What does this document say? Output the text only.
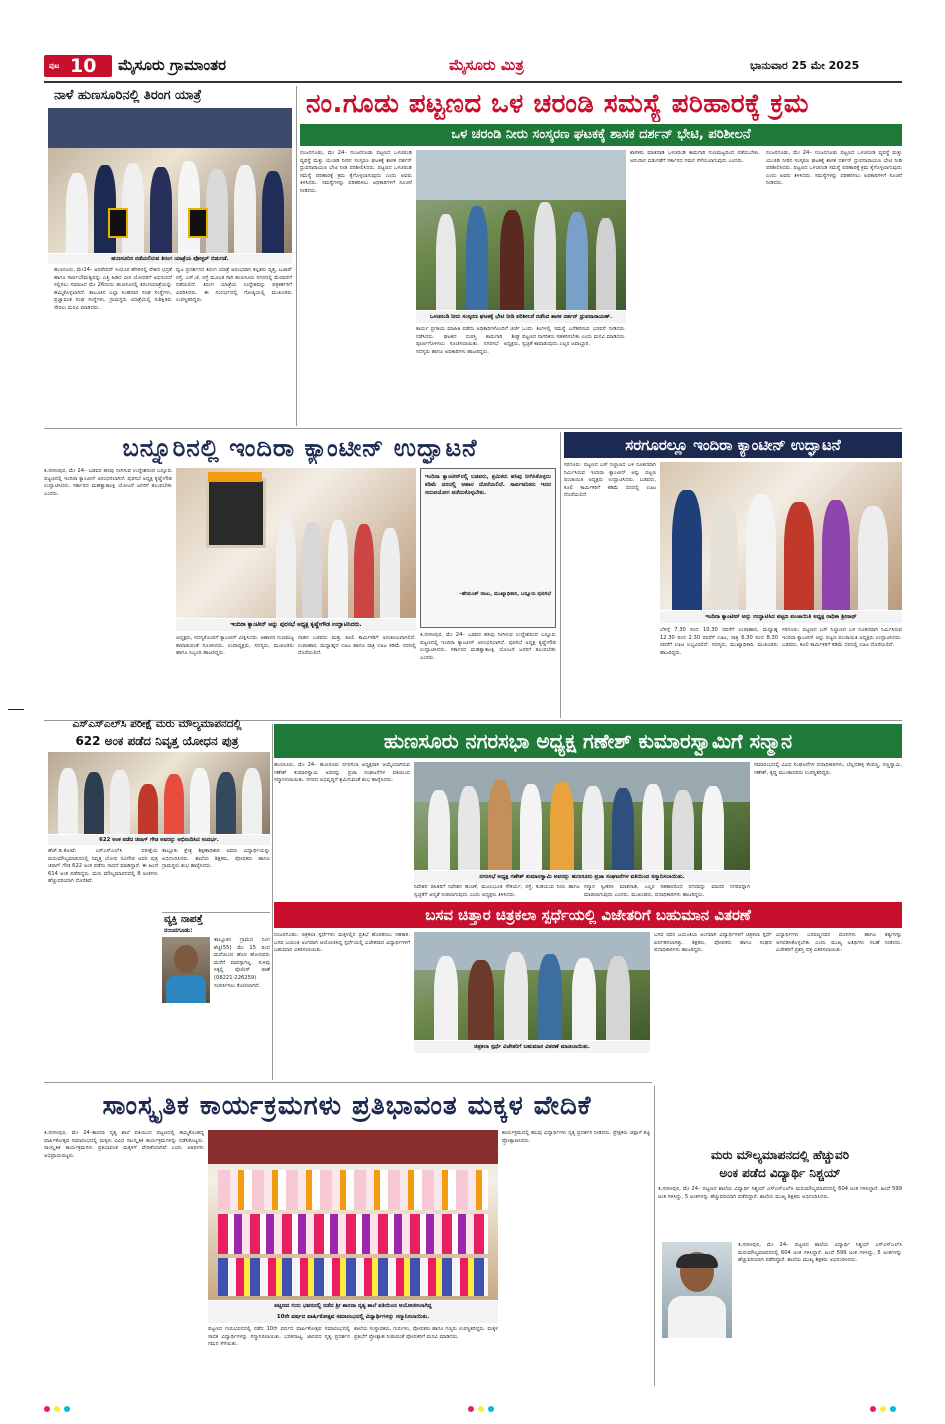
ಪುಟ 10 ಮೈಸೂರು ಗ್ರಾಮಾಂತರ	ಮೈಸೂರು ಮಿತ್ರ	ಭಾನುವಾರ 25 ಮೇ 2025
ನಾಳೆ ಹುಣಸೂರಿನಲ್ಲಿ ತಿರಂಗ ಯಾತ್ರೆ
ಹುಣಸೂರಿನ ನಡೆಯಲಿರುವ ತಿರಂಗ ಯಾತ್ರೆಯ ಪೋಸ್ಟರ್ ಬಿಡುಗಡೆ.
ಹುಣಸೂರು, ಮೇ24– ಆಪರೇಷನ್ ಸಿಂಧೂರ ಹೆಸರಿನಲ್ಲಿ ದೇಶದ ಭದ್ರತೆ ಹಾಗೂ ಸಾರ್ವಭೌಮತ್ವವನ್ನು ಎತ್ತಿ ಹಿಡಿದ ವೀರ ಯೋಧರಿಗೆ ಅಭಿನಂದನೆ ಸಲ್ಲಿಸಲು ಸಮಾಜದ ಮೇ 26ರಂದು ಹುಣಸೂರಲ್ಲಿ ತಿರಂಗಯಾತ್ರೆಯನ್ನು ಹಮ್ಮಿಕೊಳ್ಳಲಾಗಿದೆ. ತಾಲೂಕಿನ ಎಲ್ಲಾ ಸಿಂಹನಾದ ಸಂಘ ಸಂಸ್ಥೆಗಳು, ಪ್ರಜ್ಞಾವಂತ ಸಂಘ ಸಂಸ್ಥೆಗಳು, ಗ್ರಾಮಸ್ಥರು ಯಾತ್ರೆಯಲ್ಲಿ ಸುಶಿಕ್ಷಿತರು ಸೇರಲು ಮನವಿ ಮಾಡಿದರು.
ಧ್ವಜ ಪ್ರದರ್ಶನದ ತಿರಂಗ ಯಾತ್ರೆ ಆರಂಭವಾಗಿ ಕಲ್ಪತರು ವೃತ್ತ, ಬಜಾರ್ ರಸ್ತೆ, ಎಸ್.ಜೆ. ರಸ್ತೆ ಮೂಲಕ ಸಾಗಿ ಹುಣಸೂರು ನಗರದಲ್ಲಿ ಮೆರವಣಿಗೆ ನಡೆಯಲಿದೆ. ತಿರಂಗ ಯಾತ್ರೆಯ ಉದ್ದೇಶವನ್ನು ಪತ್ರಕರ್ತರಿಗೆ ವಿವರಿಸಿದರು. ಈ ಸಂದರ್ಭದಲ್ಲಿ ಗೋಷ್ಠಿಯಲ್ಲಿ ಮುಖಂಡರು ಉಪಸ್ಥಿತರಿದ್ದರು.
ನಂ.ಗೂಡು ಪಟ್ಟಣದ ಒಳ ಚರಂಡಿ ಸಮಸ್ಯೆ ಪರಿಹಾರಕ್ಕೆ ಕ್ರಮ
ಒಳ ಚರಂಡಿ ನೀರು ಸಂಸ್ಕರಣ ಘಟಕಕ್ಕೆ ಶಾಸಕ ದರ್ಶನ್ ಭೇಟಿ, ಪರಿಶೀಲನೆ
ನಂಜನಗೂಡು, ಮೇ 24– ನಂಜನಗೂಡು ಪಟ್ಟಣದ ಒಳಚರಂಡಿ ವ್ಯವಸ್ಥೆ ಮತ್ತು ಯುಜಿಡಿ ನೀರಿನ ಸಂಸ್ಕರಣ ಘಟಕಕ್ಕೆ ಶಾಸಕ ದರ್ಶನ್ ಧ್ರುವನಾರಾಯಣ ಭೇಟಿ ನೀಡಿ ಪರಿಶೀಲಿಸಿದರು. ಪಟ್ಟಣದ ಒಳಚರಂಡಿ ಸಮಸ್ಯೆ ಪರಿಹಾರಕ್ಕೆ ಕ್ರಮ ಕೈಗೊಳ್ಳಲಾಗುವುದು ಎಂದು ಅವರು ತಿಳಿಸಿದರು. ಸಮಸ್ಯೆಗಳನ್ನು ಪರಿಹರಿಸಲು ಅಧಿಕಾರಿಗಳಿಗೆ ಸೂಚನೆ ನೀಡಿದರು.
ಒಳಚರಂಡಿ ನೀರು ಸಂಸ್ಕರಣ ಘಟಕಕ್ಕೆ ಭೇಟಿ ನೀಡಿ ಪರಿಶೀಲನೆ ನಡೆಸಿದ ಶಾಸಕ ದರ್ಶನ್ ಧ್ರುವನಾರಾಯಣ್.
ಕಾರ್ಯ ಪ್ರಗತಿಯ ಮಾಹಿತಿ ಪಡೆದು ಅಧಿಕಾರಿಗಳೊಂದಿಗೆ ಚರ್ಚೆ ನಡೆಸಿದರು. ಘಟಕದ ದುರಸ್ತಿ ಕಾಮಗಾರಿ ಶೀಘ್ರ ಪೂರ್ಣಗೊಳಿಸಲು ಸೂಚಿಸಲಾಯಿತು. ನಗರಸಭೆ ಅಧ್ಯಕ್ಷರು, ಸದಸ್ಯರು ಹಾಗೂ ಅಧಿಕಾರಿಗಳು ಹಾಜರಿದ್ದರು.
ಒಂದು ತಿಂಗಳಲ್ಲಿ ಸಮಸ್ಯೆ ಬಗೆಹರಿಸುವ ಭರವಸೆ ನೀಡಿದರು. ಪಟ್ಟಣದ ನಾಗರಿಕರು ಸಹಕರಿಸಬೇಕು ಎಂದು ಮನವಿ ಮಾಡಿದರು. ಸ್ವಚ್ಛತೆ ಕಾಪಾಡುವುದು ಎಲ್ಲರ ಜವಾಬ್ದಾರಿ.
ಶಾಸಕರು ಮಾತನಾಡಿ ಒಳಚರಂಡಿ ಕಾಮಗಾರಿ ಗುಣಮಟ್ಟದಿಂದ ನಡೆಯಬೇಕು. ಅನುದಾನ ಬಿಡುಗಡೆಗೆ ಸರ್ಕಾರದ ಗಮನ ಸೆಳೆಯಲಾಗುವುದು ಎಂದರು.
ನಂಜನಗೂಡು, ಮೇ 24– ನಂಜನಗೂಡು ಪಟ್ಟಣದ ಒಳಚರಂಡಿ ವ್ಯವಸ್ಥೆ ಮತ್ತು ಯುಜಿಡಿ ನೀರಿನ ಸಂಸ್ಕರಣ ಘಟಕಕ್ಕೆ ಶಾಸಕ ದರ್ಶನ್ ಧ್ರುವನಾರಾಯಣ ಭೇಟಿ ನೀಡಿ ಪರಿಶೀಲಿಸಿದರು. ಪಟ್ಟಣದ ಒಳಚರಂಡಿ ಸಮಸ್ಯೆ ಪರಿಹಾರಕ್ಕೆ ಕ್ರಮ ಕೈಗೊಳ್ಳಲಾಗುವುದು ಎಂದು ಅವರು ತಿಳಿಸಿದರು. ಸಮಸ್ಯೆಗಳನ್ನು ಪರಿಹರಿಸಲು ಅಧಿಕಾರಿಗಳಿಗೆ ಸೂಚನೆ ನೀಡಿದರು.
ಬನ್ನೂರಿನಲ್ಲಿ ಇಂದಿರಾ ಕ್ಯಾಂಟೀನ್ ಉದ್ಘಾಟನೆ
ತಿ.ನರಸೀಪುರ, ಮೇ 24– ಬಡವರ ಹಸಿವು ನೀಗಿಸುವ ಉದ್ದೇಶದಿಂದ ಬನ್ನೂರು ಪಟ್ಟಣದಲ್ಲಿ ಇಂದಿರಾ ಕ್ಯಾಂಟೀನ್ ಆರಂಭಿಸಲಾಗಿದೆ. ಪುರಸಭೆ ಅಧ್ಯಕ್ಷ ಕೃಷ್ಣೇಗೌಡ ಉದ್ಘಾಟಿಸಿದರು. ಸರ್ಕಾರದ ಮಹತ್ವಾಕಾಂಕ್ಷಿ ಯೋಜನೆ ಜನರಿಗೆ ತಲುಪಬೇಕು ಎಂದರು.
ಇಂದಿರಾ ಕ್ಯಾಂಟೀನ್ ಅನ್ನು ಪುರಸಭೆ ಅಧ್ಯಕ್ಷ ಕೃಷ್ಣೇಗೌಡ ಉದ್ಘಾಟಿಸಿದರು.
ಇಂದಿರಾ ಕ್ಯಾಂಟೀನ್‌ನಲ್ಲಿ ಬಡವರು, ಶ್ರಮಿಕರು ಹಸಿವು ನೀಗಿಸಿಕೊಳ್ಳಲು ಕಡಿಮೆ ದರದಲ್ಲಿ ಆಹಾರ ದೊರೆಯಲಿದೆ. ಸಾರ್ವಜನಿಕರು ಇದರ ಸದುಪಯೋಗ ಪಡೆದುಕೊಳ್ಳಬೇಕು.
–ಹೇಮಂತ್ ರಾಜು, ಮುಖ್ಯಾಧಿಕಾರಿ, ಬನ್ನೂರು ಪುರಸಭೆ
ಅಧ್ಯಕ್ಷರು, ಸದಸ್ಯರೊಂದಿಗೆ ಕ್ಯಾಂಟೀನ್ ವೀಕ್ಷಿಸಿದರು. ಆಹಾರದ ಗುಣಮಟ್ಟ ಕಾಪಾಡುವಂತೆ ಸೂಚಿಸಿದರು. ಉಪಾಧ್ಯಕ್ಷರು, ಸದಸ್ಯರು, ಮುಖಂಡರು ಹಾಗೂ ಸಿಬ್ಬಂದಿ ಹಾಜರಿದ್ದರು.
ನಾಡಿನ ಬಡವರು ಮತ್ತು ಕೂಲಿ ಕಾರ್ಮಿಕರಿಗೆ ಅನುಕೂಲವಾಗಲಿದೆ. ಉಪಾಹಾರ, ಮಧ್ಯಾಹ್ನದ ಊಟ ಹಾಗೂ ರಾತ್ರಿ ಊಟ ಕಡಿಮೆ ದರದಲ್ಲಿ ದೊರೆಯಲಿದೆ.
ತಿ.ನರಸೀಪುರ, ಮೇ 24– ಬಡವರ ಹಸಿವು ನೀಗಿಸುವ ಉದ್ದೇಶದಿಂದ ಬನ್ನೂರು ಪಟ್ಟಣದಲ್ಲಿ ಇಂದಿರಾ ಕ್ಯಾಂಟೀನ್ ಆರಂಭಿಸಲಾಗಿದೆ. ಪುರಸಭೆ ಅಧ್ಯಕ್ಷ ಕೃಷ್ಣೇಗೌಡ ಉದ್ಘಾಟಿಸಿದರು. ಸರ್ಕಾರದ ಮಹತ್ವಾಕಾಂಕ್ಷಿ ಯೋಜನೆ ಜನರಿಗೆ ತಲುಪಬೇಕು ಎಂದರು.
ಸರಗೂರಲ್ಲೂ ಇಂದಿರಾ ಕ್ಯಾಂಟೀನ್ ಉದ್ಘಾಟನೆ
ಸರಗೂರು: ಪಟ್ಟಣದ ಬಸ್ ನಿಲ್ದಾಣದ ಬಳಿ ನೂತನವಾಗಿ ನಿರ್ಮಿಸಿರುವ ಇಂದಿರಾ ಕ್ಯಾಂಟೀನ್ ಅನ್ನು ಪಟ್ಟಣ ಪಂಚಾಯಿತಿ ಅಧ್ಯಕ್ಷರು ಉದ್ಘಾಟಿಸಿದರು. ಬಡವರು, ಕೂಲಿ ಕಾರ್ಮಿಕರಿಗೆ ಕಡಿಮೆ ದರದಲ್ಲಿ ಊಟ ದೊರೆಯಲಿದೆ.
ಇಂದಿರಾ ಕ್ಯಾಂಟೀನ್ ಅನ್ನು ಉದ್ಘಾಟಿಸಿದ ಪಟ್ಟಣ ಪಂಚಾಯಿತಿ ಅಧ್ಯಕ್ಷ ರಾಧಿಕಾ ಶ್ರೀನಾಥ್
ಬೆಳಿಗ್ಗೆ 7.30 ರಿಂದ 10.30 ರವರೆಗೆ ಉಪಾಹಾರ, ಮಧ್ಯಾಹ್ನ 12.30 ರಿಂದ 2.30 ರವರೆಗೆ ಊಟ, ರಾತ್ರಿ 6.30 ರಿಂದ 8.30 ರವರೆಗೆ ಊಟ ಲಭ್ಯವಿರಲಿದೆ. ಸದಸ್ಯರು, ಮುಖ್ಯಾಧಿಕಾರಿ, ಮುಖಂಡರು ಹಾಜರಿದ್ದರು.
ಸರಗೂರು: ಪಟ್ಟಣದ ಬಸ್ ನಿಲ್ದಾಣದ ಬಳಿ ನೂತನವಾಗಿ ನಿರ್ಮಿಸಿರುವ ಇಂದಿರಾ ಕ್ಯಾಂಟೀನ್ ಅನ್ನು ಪಟ್ಟಣ ಪಂಚಾಯಿತಿ ಅಧ್ಯಕ್ಷರು ಉದ್ಘಾಟಿಸಿದರು. ಬಡವರು, ಕೂಲಿ ಕಾರ್ಮಿಕರಿಗೆ ಕಡಿಮೆ ದರದಲ್ಲಿ ಊಟ ದೊರೆಯಲಿದೆ.
ಎಸ್‌ಎಸ್‌ಎಲ್‌ಸಿ ಪರೀಕ್ಷೆ ಮರು ಮೌಲ್ಯಮಾಪನದಲ್ಲಿ
622 ಅಂಕ ಪಡೆದ ನಿವೃತ್ತ ಯೋಧನ ಪುತ್ರ
622 ಅಂಕ ಪಡೆದ ಚಿರಾಗ್ ಗೌಡ ಅವರನ್ನು ಅಭಿನಂದಿಸಿದ ಸಂದರ್ಭ.
ಹೆಚ್.ಡಿ.ಕೋಟೆ: ಎಸ್‌ಎಸ್‌ಎಲ್‌ಸಿ ಪರೀಕ್ಷೆಯ ಮರುಮೌಲ್ಯಮಾಪನದಲ್ಲಿ ನಿವೃತ್ತ ಯೋಧ ರವಿಗೌಡ ಅವರ ಪುತ್ರ ಚಿರಾಗ್ ಗೌಡ 622 ಅಂಕ ಪಡೆದು ಸಾಧನೆ ಮಾಡಿದ್ದಾರೆ. ಈ ಹಿಂದೆ 614 ಅಂಕ ಪಡೆದಿದ್ದರು. ಮರು ಮೌಲ್ಯಮಾಪನದಲ್ಲಿ 8 ಅಂಕಗಳು ಹೆಚ್ಚುವರಿಯಾಗಿ ದೊರೆತಿವೆ.
ತಾಲ್ಲೂಕು ಕ್ಷೇತ್ರ ಶಿಕ್ಷಣಾಧಿಕಾರಿ ಅವರು ವಿದ್ಯಾರ್ಥಿಯನ್ನು ಅಭಿನಂದಿಸಿದರು. ಶಾಲೆಯ ಶಿಕ್ಷಕರು, ಪೋಷಕರು ಹಾಗೂ ಗ್ರಾಮಸ್ಥರು ಶುಭ ಹಾರೈಸಿದರು.
ವ್ಯಕ್ತಿ ನಾಪತ್ತೆ
ನಂಜನಗೂಡು:
ತಾಲ್ಲೂಕಿನ ಗ್ರಾಮದ ನಿಂಗ ಶೆಟ್ಟಿ(55) ಮೇ 15 ರಿಂದ ಮನೆಯಿಂದ ಹೊರ ಹೋದವರು ಮನೆಗೆ ವಾಪಸ್ಸಾಗಿಲ್ಲ. ಸುಳಿವು ಸಿಕ್ಕಲ್ಲಿ ಪೊಲೀಸ್ ಠಾಣೆ (08221-226259) ಸಂಪರ್ಕಿಸಲು ಕೋರಲಾಗಿದೆ.
ಹುಣಸೂರು ನಗರಸಭಾ ಅಧ್ಯಕ್ಷ ಗಣೇಶ್ ಕುಮಾರಸ್ವಾಮಿಗೆ ಸನ್ಮಾನ
ಹುಣಸೂರು, ಮೇ 24– ಹುಣಸೂರು ನಗರಸಭಾ ಅಧ್ಯಕ್ಷರಾಗಿ ಆಯ್ಕೆಯಾಗಿರುವ ಗಣೇಶ್ ಕುಮಾರಸ್ವಾಮಿ ಅವರನ್ನು ಪ್ರಜಾ ಸಂಘಟನೆಗಳ ವತಿಯಿಂದ ಸನ್ಮಾನಿಸಲಾಯಿತು. ನಗರದ ಅಭಿವೃದ್ಧಿಗೆ ಶ್ರಮಿಸುವಂತೆ ಶುಭ ಹಾರೈಸಿದರು.
ನಗರಸಭೆ ಅಧ್ಯಕ್ಷ ಗಣೇಶ್ ಕುಮಾರಸ್ವಾಮಿ ಅವರನ್ನು ಹುಣಸೂರು ಪ್ರಜಾ ಸಂಘಟನೆಗಳ ವತಿಯಿಂದ ಸನ್ಮಾನಿಸಲಾಯಿತು.
ನಿವೇಶನ ರಹಿತರಿಗೆ ನಿವೇಶನ ಹಂಚಿಕೆ, ಮೂಲಭೂತ ಸೌಕರ್ಯ, ರಸ್ತೆ, ಕುಡಿಯುವ ನೀರು ಹಾಗೂ ಸ್ವಚ್ಛತೆಗೆ ಆದ್ಯತೆ ನೀಡಲಾಗುವುದು ಎಂದು ಅಧ್ಯಕ್ಷರು ತಿಳಿಸಿದರು.
ಸನ್ಮಾನ ಸ್ವೀಕರಿಸಿ ಮಾತನಾಡಿ, ಎಲ್ಲರ ಸಹಕಾರದಿಂದ ನಗರವನ್ನು ಮಾದರಿ ನಗರವನ್ನಾಗಿ ಮಾಡಲಾಗುವುದು ಎಂದರು. ಮುಖಂಡರು, ಪದಾಧಿಕಾರಿಗಳು ಹಾಜರಿದ್ದರು.
ಸಮಾರಂಭದಲ್ಲಿ ವಿವಿಧ ಸಂಘಟನೆಗಳ ಪದಾಧಿಕಾರಿಗಳು, ಬೆಲ್ಲದಹಳ್ಳಿ ಕೆಂಪಣ್ಣ, ಸಣ್ಣಸ್ವಾಮಿ, ಗಣೇಶ್, ಕೃಷ್ಣ ಮುಂತಾದವರು ಉಪಸ್ಥಿತರಿದ್ದರು.
ಬಸವ ಚಿತ್ತಾರ ಚಿತ್ರಕಲಾ ಸ್ಪರ್ಧೆಯಲ್ಲಿ ವಿಜೇತರಿಗೆ ಬಹುಮಾನ ವಿತರಣೆ
ನಂಜನಗೂಡು: ಚಿತ್ರಕಲಾ ಸ್ಪರ್ಧೆಗಳು ಮಕ್ಕಳಲ್ಲಿನ ಪ್ರತಿಭೆ ಹೊರತರಲು ಸಹಕಾರಿ. ಬಸವ ಜಯಂತಿ ಅಂಗವಾಗಿ ಆಯೋಜಿಸಿದ್ದ ಸ್ಪರ್ಧೆಯಲ್ಲಿ ವಿಜೇತರಾದ ವಿದ್ಯಾರ್ಥಿಗಳಿಗೆ ಬಹುಮಾನ ವಿತರಿಸಲಾಯಿತು.
ಚಿತ್ರಕಲಾ ಸ್ಪರ್ಧೆ ವಿಜೇತರಿಗೆ ಬಹುಮಾನ ವಿತರಣೆ ಮಾಡಲಾಯಿತು.
ಬಸವ ರವರ ಜಯಂತಿಯ ಅಂಗವಾಗಿ ವಿದ್ಯಾರ್ಥಿಗಳಿಗೆ ಚಿತ್ರಕಲಾ ಸ್ಪರ್ಧೆ ಏರ್ಪಡಿಸಲಾಗಿತ್ತು. ಶಿಕ್ಷಕರು, ಪೋಷಕರು ಹಾಗೂ ಸಂಘದ ಪದಾಧಿಕಾರಿಗಳು ಹಾಜರಿದ್ದರು.
ವಿದ್ಯಾರ್ಥಿಗಳು ಬಸವಣ್ಣನವರ ವಚನಗಳು ಹಾಗೂ ತತ್ವಗಳನ್ನು ಅಳವಡಿಸಿಕೊಳ್ಳಬೇಕು ಎಂದು ಮುಖ್ಯ ಅತಿಥಿಗಳು ಸಲಹೆ ನೀಡಿದರು. ವಿಜೇತರಿಗೆ ಪ್ರಶಸ್ತಿ ಪತ್ರ ವಿತರಿಸಲಾಯಿತು.
ಸಾಂಸ್ಕೃತಿಕ ಕಾರ್ಯಕ್ರಮಗಳು ಪ್ರತಿಭಾವಂತ ಮಕ್ಕಳ ವೇದಿಕೆ
ತಿ.ನರಸೀಪುರ, ಮೇ 24–ಶಾರದಾ ನೃತ್ಯ ಶಾಲೆ ವತಿಯಿಂದ ಪಟ್ಟಣದಲ್ಲಿ ಹಮ್ಮಿಕೊಂಡಿದ್ದ ವಾರ್ಷಿಕೋತ್ಸವ ಸಮಾರಂಭದಲ್ಲಿ ಮಕ್ಕಳು ವಿವಿಧ ಸಾಂಸ್ಕೃತಿಕ ಕಾರ್ಯಕ್ರಮಗಳನ್ನು ನಡೆಸಿಕೊಟ್ಟರು. ಸಾಂಸ್ಕೃತಿಕ ಕಾರ್ಯಕ್ರಮಗಳು ಪ್ರತಿಭಾವಂತ ಮಕ್ಕಳಿಗೆ ವೇದಿಕೆಯಾಗಿವೆ ಎಂದು ಅತಿಥಿಗಳು ಅಭಿಪ್ರಾಯಪಟ್ಟರು.
ಪಟ್ಟಣದ ಗುರು ಭವನದಲ್ಲಿ ನಡೆದ ಶ್ರೀ ಶಾರದಾ ನೃತ್ಯ ಶಾಲೆ ವತಿಯಿಂದ ಆಯೋಜಿಸಲಾಗಿದ್ದ
10ನೇ ವರ್ಷದ ವಾರ್ಷಿಕೋತ್ಸವ ಸಮಾರಂಭದಲ್ಲಿ ವಿದ್ಯಾರ್ಥಿಗಳನ್ನು ಸನ್ಮಾನಿಸಲಾಯಿತು.
ಪಟ್ಟಣದ ಗುರುಭವನದಲ್ಲಿ ನಡೆದ 10ನೇ ವರ್ಷದ ವಾರ್ಷಿಕೋತ್ಸವ ಸಮಾರಂಭದಲ್ಲಿ ಸಾಧಕ ವಿದ್ಯಾರ್ಥಿಗಳನ್ನು ಸನ್ಮಾನಿಸಲಾಯಿತು. ಭರತನಾಟ್ಯ, ಜಾನಪದ ನೃತ್ಯ ಪ್ರದರ್ಶನ ಗಮನ ಸೆಳೆಯಿತು.
ಶಾಲೆಯ ಸಂಸ್ಥಾಪಕರು, ಗುರುಗಳು, ಪೋಷಕರು ಹಾಗೂ ಗಣ್ಯರು ಉಪಸ್ಥಿತರಿದ್ದರು. ಮಕ್ಕಳ ಪ್ರತಿಭೆಗೆ ಪ್ರೋತ್ಸಾಹ ನೀಡುವಂತೆ ಪೋಷಕರಿಗೆ ಮನವಿ ಮಾಡಿದರು.
ಕಾರ್ಯಕ್ರಮದಲ್ಲಿ ಹಲವು ವಿದ್ಯಾರ್ಥಿಗಳು ನೃತ್ಯ ಪ್ರದರ್ಶನ ನೀಡಿದರು. ಪ್ರೇಕ್ಷಕರು ಚಪ್ಪಾಳೆ ತಟ್ಟಿ ಪ್ರೋತ್ಸಾಹಿಸಿದರು.
ಮರು ಮೌಲ್ಯಮಾಪನದಲ್ಲಿ ಹೆಚ್ಚುವರಿ
ಅಂಕ ಪಡೆದ ವಿದ್ಯಾರ್ಥಿ ನಿಶ್ಚಯ್
ತಿ.ನರಸೀಪುರ, ಮೇ 24– ಪಟ್ಟಣದ ಶಾಲೆಯ ವಿದ್ಯಾರ್ಥಿ ನಿಶ್ಚಯ್ ಎಸ್‌ಎಸ್‌ಎಲ್‌ಸಿ ಮರುಮೌಲ್ಯಮಾಪನದಲ್ಲಿ 604 ಅಂಕ ಗಳಿಸಿದ್ದಾರೆ. ಹಿಂದೆ 599 ಅಂಕ ಗಳಿಸಿದ್ದು, 5 ಅಂಕಗಳನ್ನು ಹೆಚ್ಚುವರಿಯಾಗಿ ಪಡೆದಿದ್ದಾರೆ. ಶಾಲೆಯ ಮುಖ್ಯ ಶಿಕ್ಷಕರು ಅಭಿನಂದಿಸಿದರು.
ತಿ.ನರಸೀಪುರ, ಮೇ 24– ಪಟ್ಟಣದ ಶಾಲೆಯ ವಿದ್ಯಾರ್ಥಿ ನಿಶ್ಚಯ್ ಎಸ್‌ಎಸ್‌ಎಲ್‌ಸಿ ಮರುಮೌಲ್ಯಮಾಪನದಲ್ಲಿ 604 ಅಂಕ ಗಳಿಸಿದ್ದಾರೆ. ಹಿಂದೆ 599 ಅಂಕ ಗಳಿಸಿದ್ದು, 5 ಅಂಕಗಳನ್ನು ಹೆಚ್ಚುವರಿಯಾಗಿ ಪಡೆದಿದ್ದಾರೆ. ಶಾಲೆಯ ಮುಖ್ಯ ಶಿಕ್ಷಕರು ಅಭಿನಂದಿಸಿದರು.
